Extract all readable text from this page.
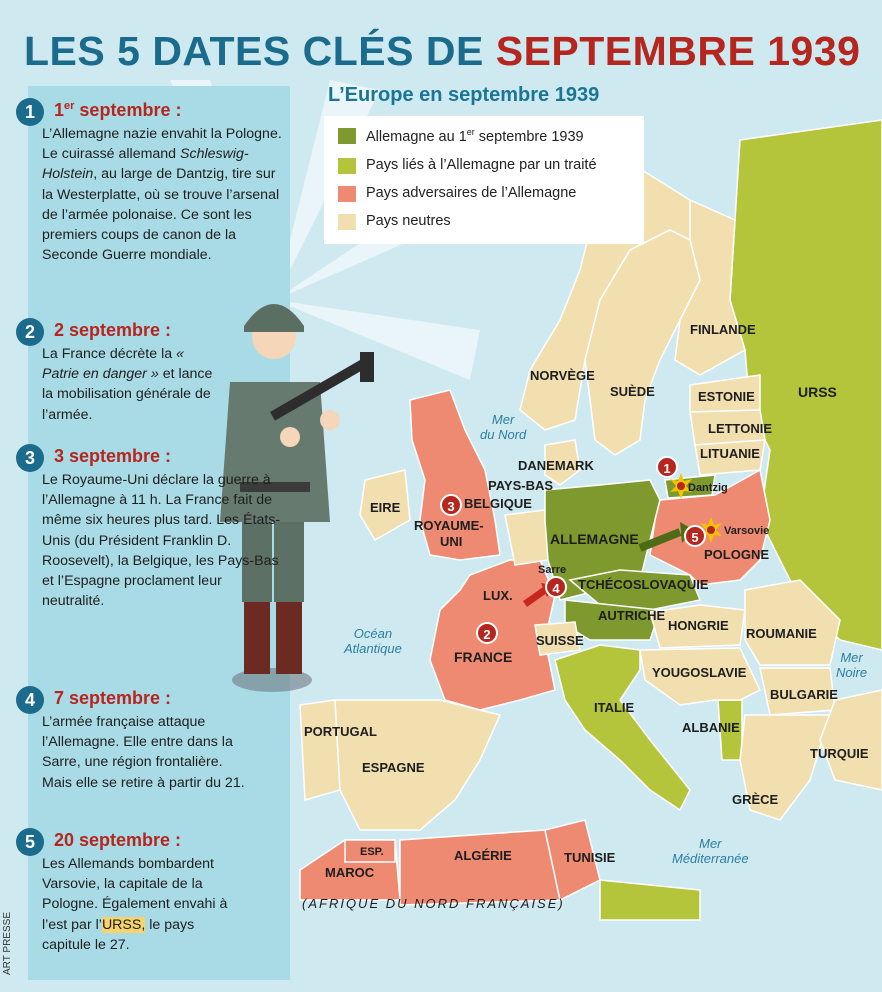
LES 5 DATES CLÉS DE SEPTEMBRE 1939
L’Europe en septembre 1939
Allemagne au 1er septembre 1939
Pays liés à l’Allemagne par un traité
Pays adversaires de l’Allemagne
Pays neutres
1	1er septembre :
L’Allemagne nazie envahit la Pologne. Le cuirassé allemand Schleswig-Holstein, au large de Dantzig, tire sur la Westerplatte, où se trouve l’arsenal de l’armée polonaise. Ce sont les premiers coups de canon de la Seconde Guerre mondiale.
2	2 septembre :
La France décrète la « Patrie en danger » et lance la mobilisation générale de l’armée.
3	3 septembre :
Le Royaume-Uni déclare la guerre à l’Allemagne à 11 h. La France fait de même six heures plus tard. Les États-Unis (du Président Franklin D. Roosevelt), la Belgique, les Pays-Bas et l’Espagne proclament leur neutralité.
4	7 septembre :
L’armée française attaque l’Allemagne. Elle entre dans la Sarre, une région frontalière. Mais elle se retire à partir du 21.
5	20 septembre :
Les Allemands bombardent Varsovie, la capitale de la Pologne. Également envahi à l’est par l’URSS, le pays capitule le 27.
ART PRESSE
FINLANDE
NORVÈGE
SUÈDE	ESTONIE	URSS
LETTONIE
LITUANIE
DANEMARK
PAYS-BAS
BELGIQUE
EIRE
ROYAUME-
UNI	ALLEMAGNE
POLOGNE
TCHÉCOSLOVAQUIE
AUTRICHE
LUX.
Sarre
SUISSE
FRANCE
HONGRIE
ROUMANIE
YOUGOSLAVIE
BULGARIE
ITALIE
ALBANIE
PORTUGAL
ESPAGNE
TURQUIE
GRÈCE
MAROC
ESP.	ALGÉRIE	TUNISIE
Dantzig
Varsovie
(AFRIQUE DU NORD FRANÇAISE)
Mer
du Nord
Océan
Atlantique
Mer
Noire
Mer
Méditerranée
1
2
3
4
5
